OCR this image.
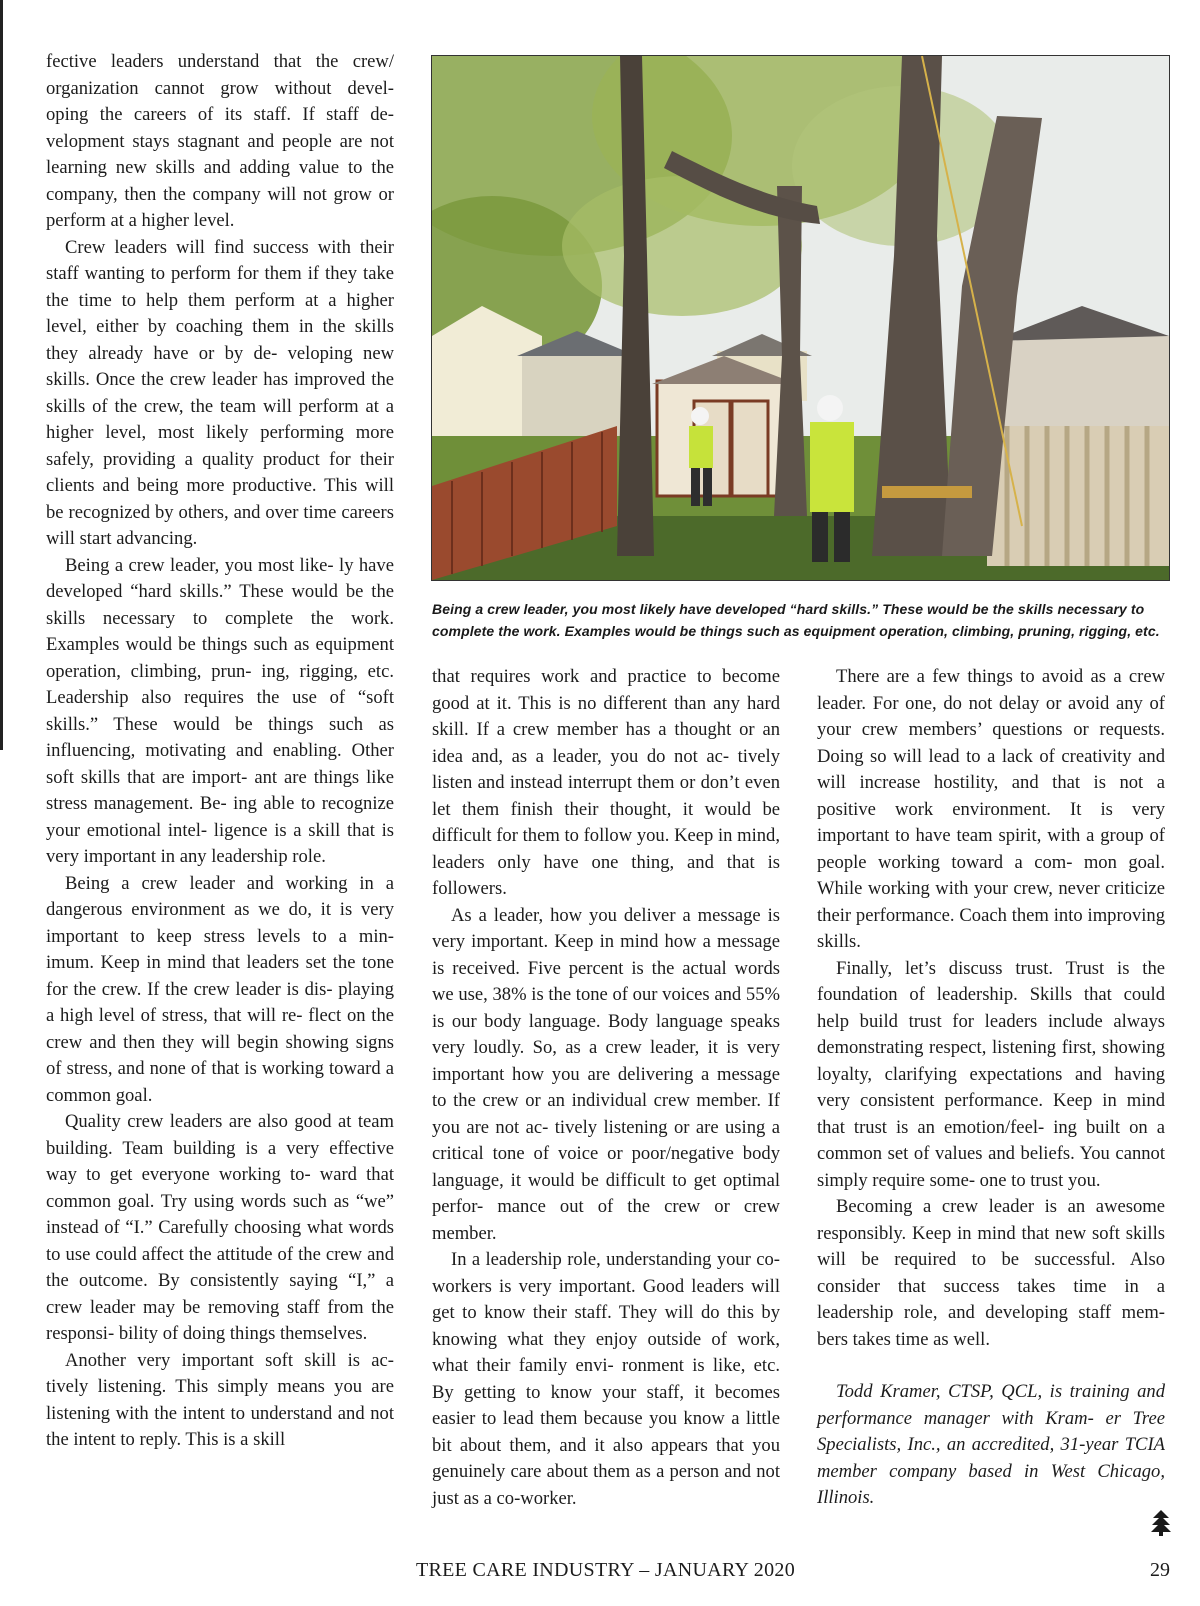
fective leaders understand that the crew/ organization cannot grow without devel- oping the careers of its staff. If staff de- velopment stays stagnant and people are not learning new skills and adding value to the company, then the company will not grow or perform at a higher level.

Crew leaders will find success with their staff wanting to perform for them if they take the time to help them perform at a higher level, either by coaching them in the skills they already have or by de- veloping new skills. Once the crew leader has improved the skills of the crew, the team will perform at a higher level, most likely performing more safely, providing a quality product for their clients and being more productive. This will be recognized by others, and over time careers will start advancing.

Being a crew leader, you most like- ly have developed “hard skills.” These would be the skills necessary to complete the work. Examples would be things such as equipment operation, climbing, prun- ing, rigging, etc. Leadership also requires the use of “soft skills.” These would be things such as influencing, motivating and enabling. Other soft skills that are import- ant are things like stress management. Be- ing able to recognize your emotional intel- ligence is a skill that is very important in any leadership role.

Being a crew leader and working in a dangerous environment as we do, it is very important to keep stress levels to a min- imum. Keep in mind that leaders set the tone for the crew. If the crew leader is dis- playing a high level of stress, that will re- flect on the crew and then they will begin showing signs of stress, and none of that is working toward a common goal.

Quality crew leaders are also good at team building. Team building is a very effective way to get everyone working to- ward that common goal. Try using words such as “we” instead of “I.” Carefully choosing what words to use could affect the attitude of the crew and the outcome. By consistently saying “I,” a crew leader may be removing staff from the responsi- bility of doing things themselves.

Another very important soft skill is ac- tively listening. This simply means you are listening with the intent to understand and not the intent to reply. This is a skill

Being a crew leader, you most likely have developed “hard skills.” These would be the skills necessary to complete the work. Examples would be things such as equipment operation, climbing, pruning, rigging, etc.

that requires work and practice to become good at it. This is no different than any hard skill. If a crew member has a thought or an idea and, as a leader, you do not ac- tively listen and instead interrupt them or don’t even let them finish their thought, it would be difficult for them to follow you. Keep in mind, leaders only have one thing, and that is followers.

As a leader, how you deliver a message is very important. Keep in mind how a message is received. Five percent is the actual words we use, 38% is the tone of our voices and 55% is our body language. Body language speaks very loudly. So, as a crew leader, it is very important how you are delivering a message to the crew or an individual crew member. If you are not ac- tively listening or are using a critical tone of voice or poor/negative body language, it would be difficult to get optimal perfor- mance out of the crew or crew member.

In a leadership role, understanding your co-workers is very important. Good leaders will get to know their staff. They will do this by knowing what they enjoy outside of work, what their family envi- ronment is like, etc. By getting to know your staff, it becomes easier to lead them because you know a little bit about them, and it also appears that you genuinely care about them as a person and not just as a co-worker.

There are a few things to avoid as a crew leader. For one, do not delay or avoid any of your crew members’ questions or requests. Doing so will lead to a lack of creativity and will increase hostility, and that is not a positive work environment. It is very important to have team spirit, with a group of people working toward a com- mon goal. While working with your crew, never criticize their performance. Coach them into improving skills.

Finally, let’s discuss trust. Trust is the foundation of leadership. Skills that could help build trust for leaders include always demonstrating respect, listening first, showing loyalty, clarifying expectations and having very consistent performance. Keep in mind that trust is an emotion/feel- ing built on a common set of values and beliefs. You cannot simply require some- one to trust you.

Becoming a crew leader is an awesome responsibly. Keep in mind that new soft skills will be required to be successful. Also consider that success takes time in a leadership role, and developing staff mem- bers takes time as well.

Todd Kramer, CTSP, QCL, is training and performance manager with Kram- er Tree Specialists, Inc., an accredited, 31-year TCIA member company based in West Chicago, Illinois.

TREE CARE INDUSTRY – JANUARY 2020	29
